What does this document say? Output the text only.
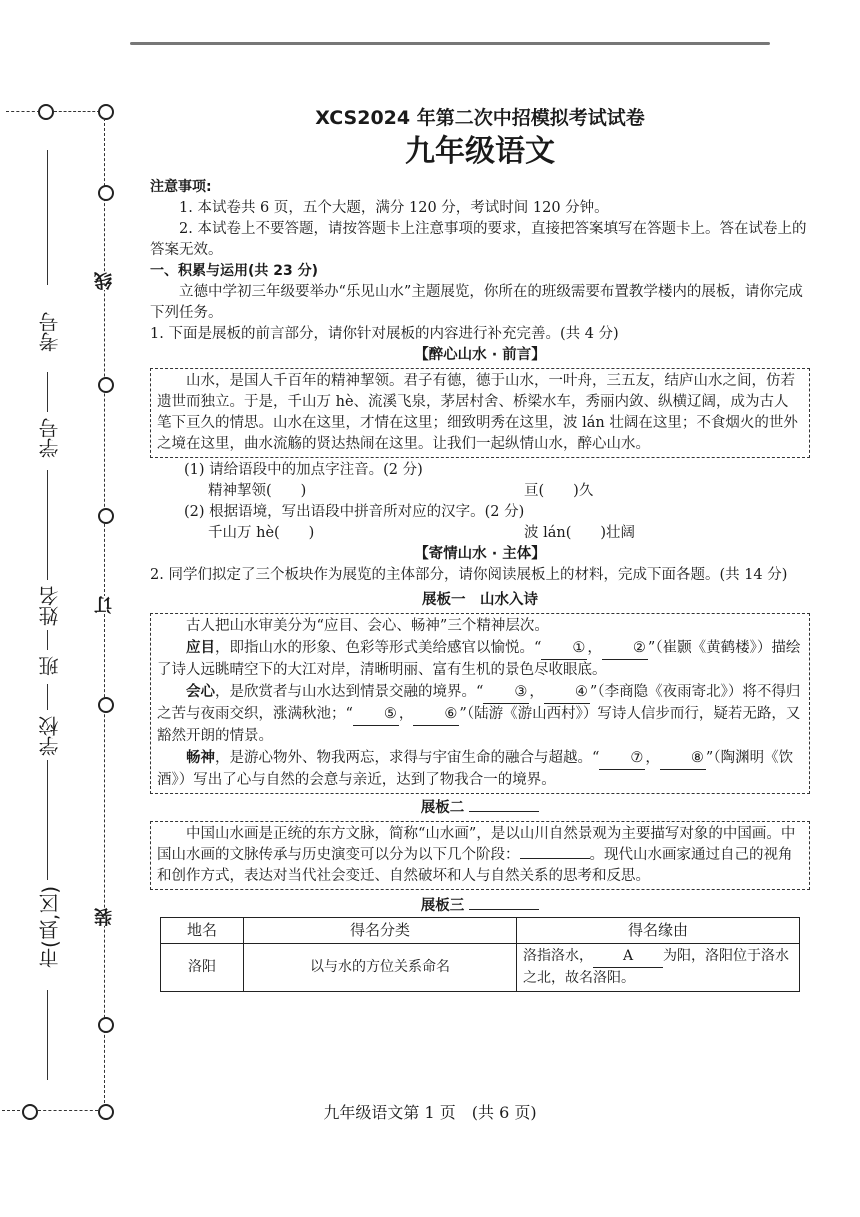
线
订
装
考号
学号
姓名
班
学校
市(县,区)
XCS2024 年第二次中招模拟考试试卷
九年级语文

注意事项:

1. 本试卷共 6 页，五个大题，满分 120 分，考试时间 120 分钟。

2. 本试卷上不要答题，请按答题卡上注意事项的要求，直接把答案填写在答题卡上。答在试卷上的答案无效。

一、积累与运用(共 23 分)

立德中学初三年级要举办“乐见山水”主题展览，你所在的班级需要布置教学楼内的展板，请你完成下列任务。

1. 下面是展板的前言部分，请你针对展板的内容进行补充完善。(共 4 分)

【醉心山水 · 前言】

山水，是国人千百年的精神挈领。君子有德，德于山水，一叶舟，三五友，结庐山水之间，仿若遗世而独立。于是，千山万 hè、流溪飞泉，茅居村舍、桥梁水车，秀丽内敛、纵横辽阔，成为古人笔下亘久的情思。山水在这里，才情在这里；细致明秀在这里，波 lán 壮阔在这里；不食烟火的世外之境在这里，曲水流觞的贤达热闹在这里。让我们一起纵情山水，醉心山水。

(1) 请给语段中的加点字注音。(2 分)

精神挈领(　　)	亘(　　)久

(2) 根据语境，写出语段中拼音所对应的汉字。(2 分)

千山万 hè(　　)	波 lán(　　)壮阔

【寄情山水 · 主体】

2. 同学们拟定了三个板块作为展览的主体部分，请你阅读展板上的材料，完成下面各题。(共 14 分)

展板一　山水入诗

古人把山水审美分为“应目、会心、畅神”三个精神层次。

应目，即指山水的形象、色彩等形式美给感官以愉悦。“ ① ， ② ”（崔颢《黄鹤楼》）描绘了诗人远眺晴空下的大江对岸，清晰明丽、富有生机的景色尽收眼底。

会心，是欣赏者与山水达到情景交融的境界。“ ③ ， ④ ”（李商隐《夜雨寄北》）将不得归之苦与夜雨交织，涨满秋池；“ ⑤ ， ⑥ ”（陆游《游山西村》）写诗人信步而行，疑若无路，又豁然开朗的情景。

畅神，是游心物外、物我两忘，求得与宇宙生命的融合与超越。“ ⑦ ， ⑧ ”（陶渊明《饮酒》）写出了心与自然的会意与亲近，达到了物我合一的境界。

展板二

中国山水画是正统的东方文脉，简称“山水画”，是以山川自然景观为主要描写对象的中国画。中国山水画的文脉传承与历史演变可以分为以下几个阶段：	。现代山水画家通过自己的视角和创作方式，表达对当代社会变迁、自然破坏和人与自然关系的思考和反思。

展板三

地名	得名分类	得名缘由
洛阳	以与水的方位关系命名	洛指洛水， A 为阳，洛阳位于洛水之北，故名洛阳。
九年级语文第 1 页　(共 6 页)
